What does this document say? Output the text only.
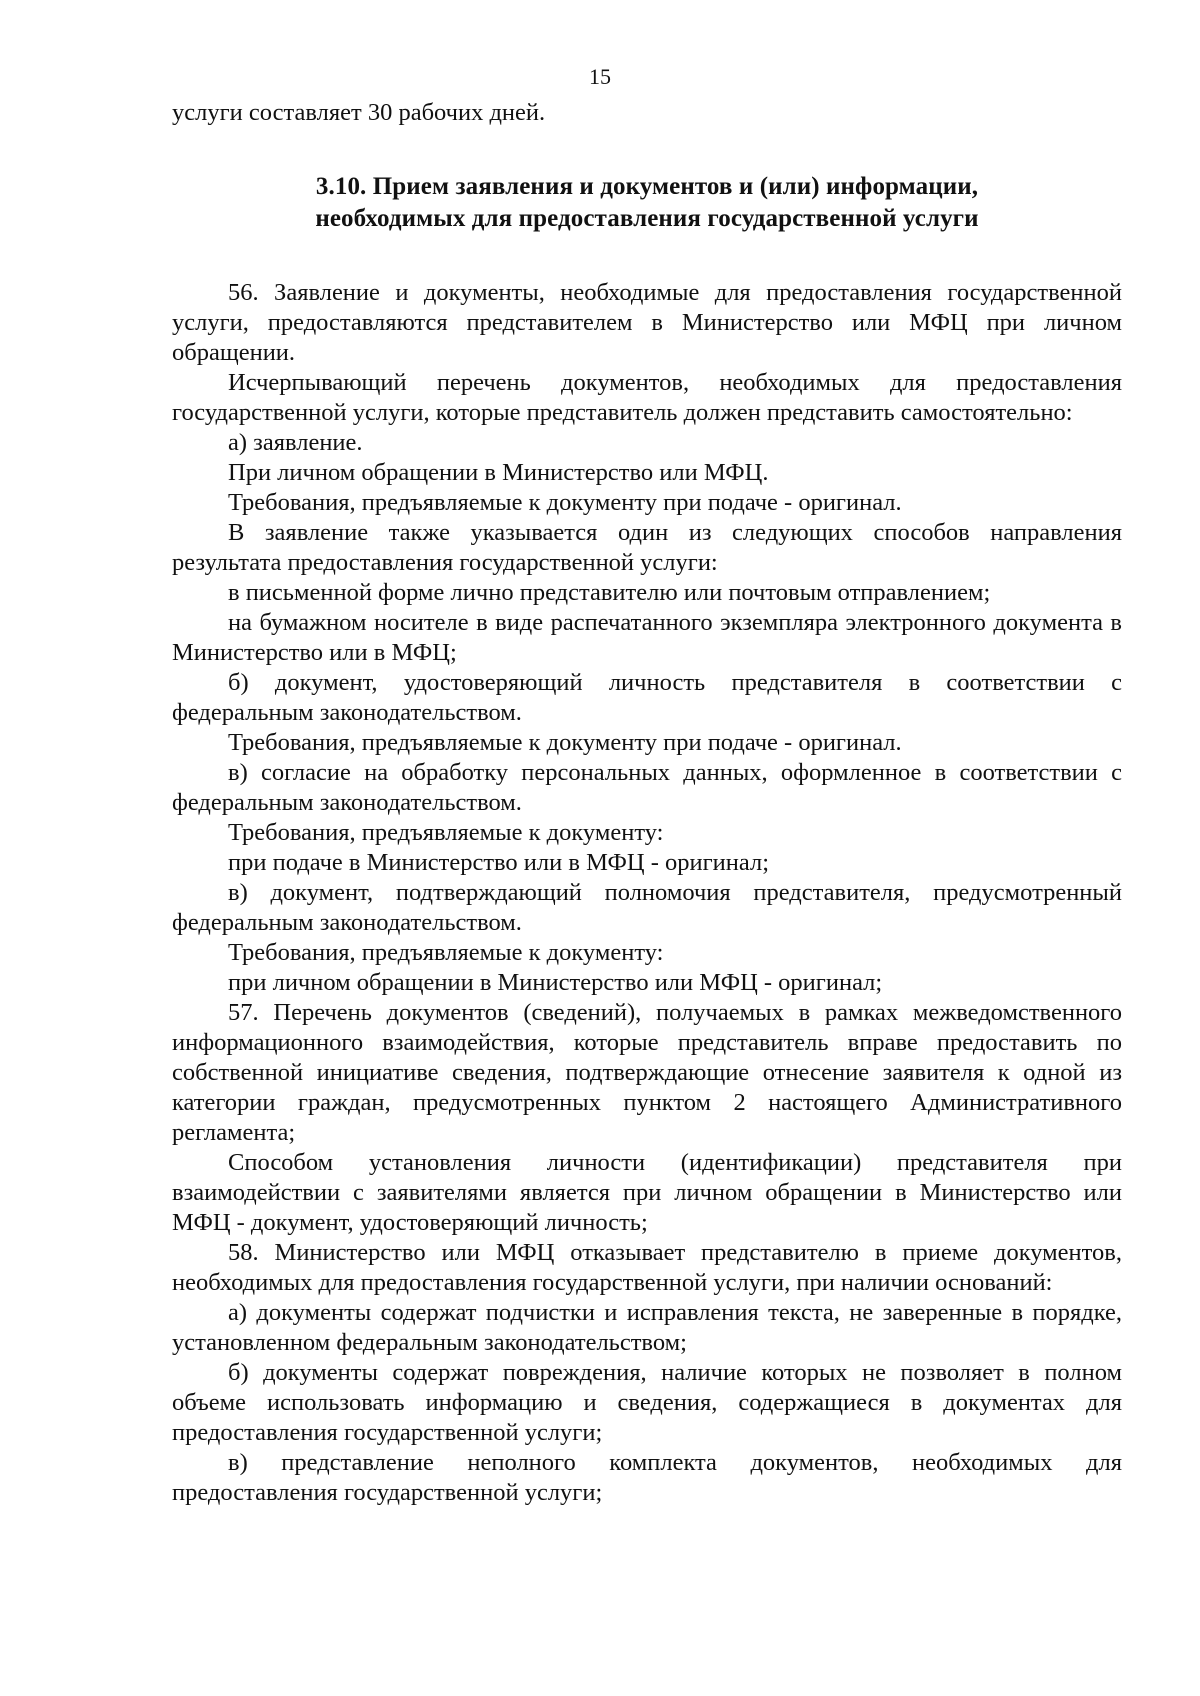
15

услуги составляет 30 рабочих дней.

3.10. Прием заявления и документов и (или) информации,
необходимых для предоставления государственной услуги

56. Заявление и документы, необходимые для предоставления государственной услуги, предоставляются представителем в Министерство или МФЦ при личном обращении.

Исчерпывающий перечень документов, необходимых для предоставления государственной услуги, которые представитель должен представить самостоятельно:

а) заявление.

При личном обращении в Министерство или МФЦ.

Требования, предъявляемые к документу при подаче - оригинал.

В заявление также указывается один из следующих способов направления результата предоставления государственной услуги:

в письменной форме лично представителю или почтовым отправлением;

на бумажном носителе в виде распечатанного экземпляра электронного документа в Министерство или в МФЦ;

б) документ, удостоверяющий личность представителя в соответствии с федеральным законодательством.

Требования, предъявляемые к документу при подаче - оригинал.

в) согласие на обработку персональных данных, оформленное в соответствии с федеральным законодательством.

Требования, предъявляемые к документу:

при подаче в Министерство или в МФЦ - оригинал;

в) документ, подтверждающий полномочия представителя, предусмотренный федеральным законодательством.

Требования, предъявляемые к документу:

при личном обращении в Министерство или МФЦ - оригинал;

57. Перечень документов (сведений), получаемых в рамках межведомственного информационного взаимодействия, которые представитель вправе предоставить по собственной инициативе сведения, подтверждающие отнесение заявителя к одной из категории граждан, предусмотренных пунктом 2 настоящего Административного регламента;

Способом установления личности (идентификации) представителя при взаимодействии с заявителями является при личном обращении в Министерство или МФЦ - документ, удостоверяющий личность;

58. Министерство или МФЦ отказывает представителю в приеме документов, необходимых для предоставления государственной услуги, при наличии оснований:

а) документы содержат подчистки и исправления текста, не заверенные в порядке, установленном федеральным законодательством;

б) документы содержат повреждения, наличие которых не позволяет в полном объеме использовать информацию и сведения, содержащиеся в документах для предоставления государственной услуги;

в) представление неполного комплекта документов, необходимых для предоставления государственной услуги;
